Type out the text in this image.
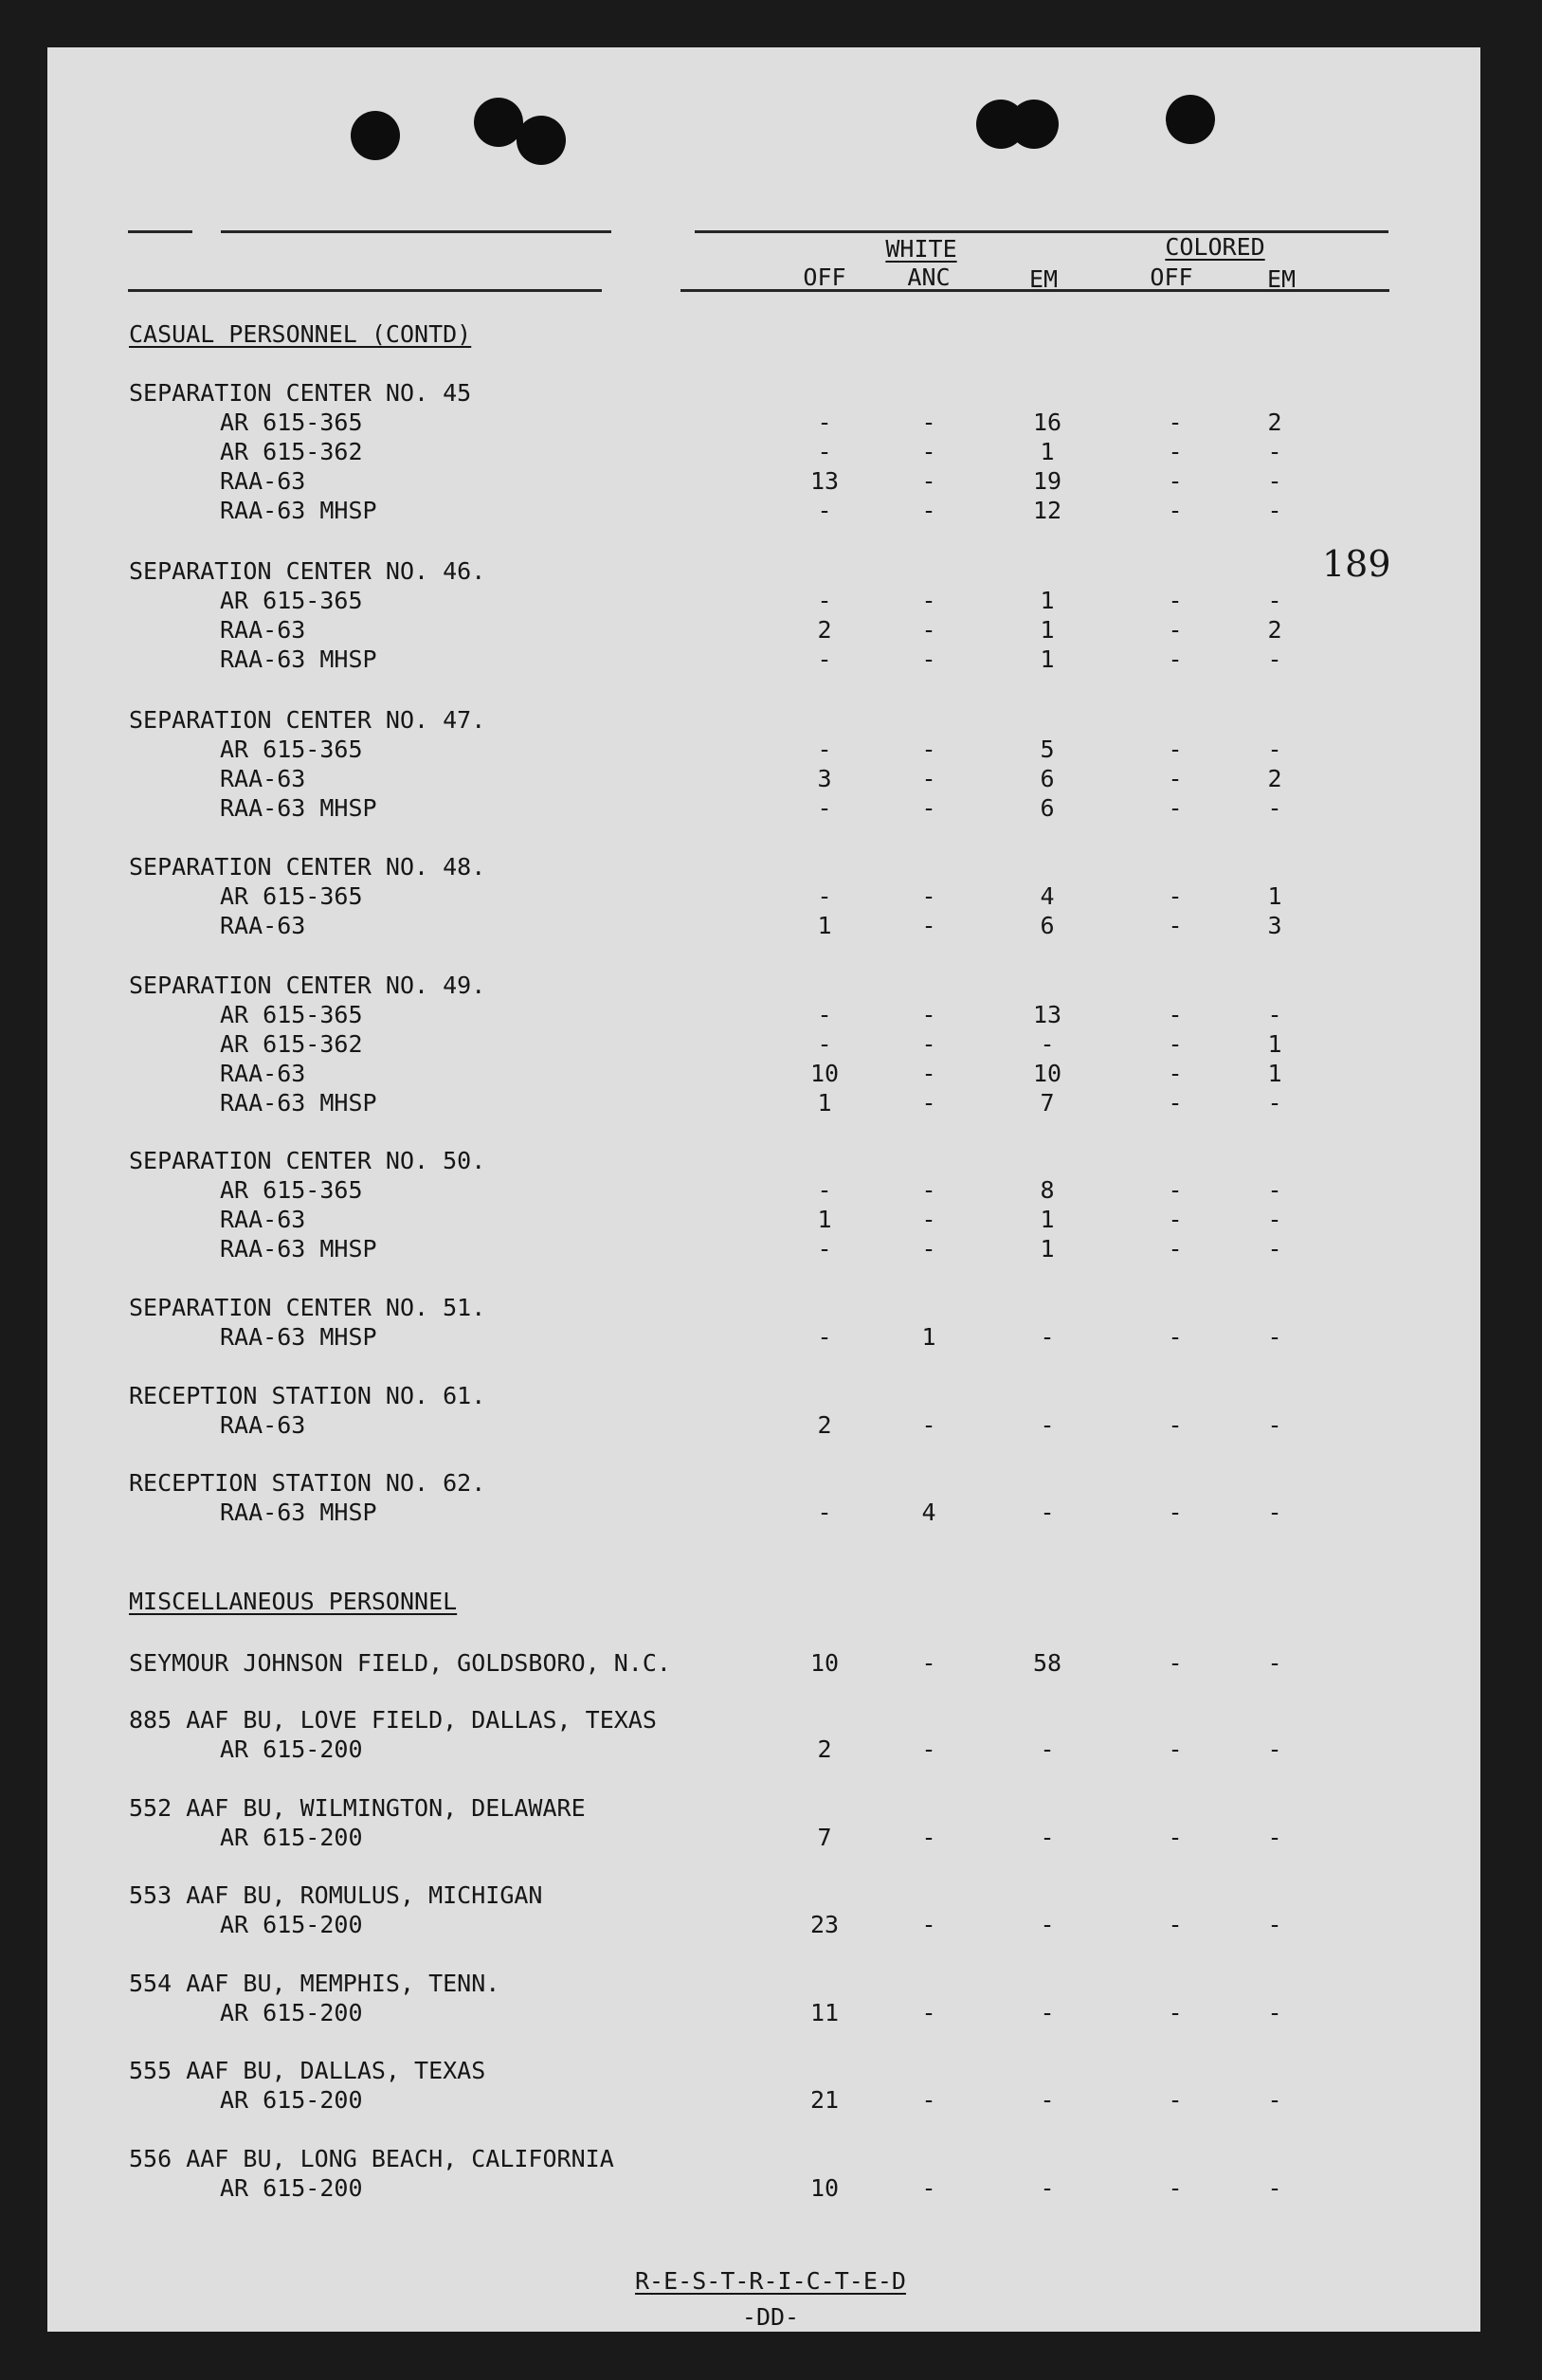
WHITE	COLORED
OFF	ANC	EM	OFF	EM
189
CASUAL PERSONNEL (CONTD)
SEPARATION CENTER NO. 45
AR 615-365	-	-	16	-	2
AR 615-362	-	-	1	-	-
RAA-63	13	-	19	-	-
RAA-63 MHSP	-	-	12	-	-
SEPARATION CENTER NO. 46.
AR 615-365	-	-	1	-	-
RAA-63	2	-	1	-	2
RAA-63 MHSP	-	-	1	-	-
SEPARATION CENTER NO. 47.
AR 615-365	-	-	5	-	-
RAA-63	3	-	6	-	2
RAA-63 MHSP	-	-	6	-	-
SEPARATION CENTER NO. 48.
AR 615-365	-	-	4	-	1
RAA-63	1	-	6	-	3
SEPARATION CENTER NO. 49.
AR 615-365	-	-	13	-	-
AR 615-362	-	-	-	-	1
RAA-63	10	-	10	-	1
RAA-63 MHSP	1	-	7	-	-
SEPARATION CENTER NO. 50.
AR 615-365	-	-	8	-	-
RAA-63	1	-	1	-	-
RAA-63 MHSP	-	-	1	-	-
SEPARATION CENTER NO. 51.
RAA-63 MHSP	-	1	-	-	-
RECEPTION STATION NO. 61.
RAA-63	2	-	-	-	-
RECEPTION STATION NO. 62.
RAA-63 MHSP	-	4	-	-	-
MISCELLANEOUS PERSONNEL
SEYMOUR JOHNSON FIELD, GOLDSBORO, N.C.	10	-	58	-	-
885 AAF BU, LOVE FIELD, DALLAS, TEXAS
AR 615-200	2	-	-	-	-
552 AAF BU, WILMINGTON, DELAWARE
AR 615-200	7	-	-	-	-
553 AAF BU, ROMULUS, MICHIGAN
AR 615-200	23	-	-	-	-
554 AAF BU, MEMPHIS, TENN.
AR 615-200	11	-	-	-	-
555 AAF BU, DALLAS, TEXAS
AR 615-200	21	-	-	-	-
556 AAF BU, LONG BEACH, CALIFORNIA
AR 615-200	10	-	-	-	-
R-E-S-T-R-I-C-T-E-D
-DD-
